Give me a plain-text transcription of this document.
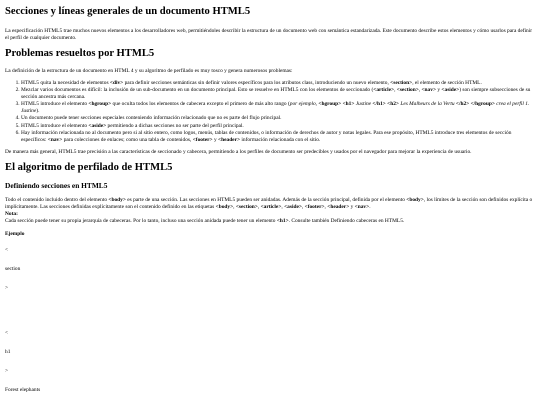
Secciones y líneas generales de un documento HTML5

La especificación HTML5 trae muchos nuevos elementos a los desarrolladores web, permitiéndoles describir la estructura de un documento web con semántica estandarizada. Este documento describe estos elementos y cómo usarlos para definir el perfil de cualquier documento.

Problemas resueltos por HTML5

La definición de la estructura de un documento en HTML 4 y su algoritmo de perfilado es muy tosco y genera numerosos problemas:

1. HTML5 quita la necesidad de elementos <div> para definir secciones semánticas sin definir valores específicos para los atributos class, introduciendo un nuevo elemento, <section>, el elemento de sección HTML.
2. Mezclar varios documentos es difícil: la inclusión de un sub-documento en un documento principal. Esto se resuelve en HTML5 con los elementos de seccionado (<article>, <section>, <nav> y <aside>) son siempre subsecciones de su sección ancestra más cercana.
3. HTML5 introduce el elemento <hgroup> que oculta todos los elementos de cabecera excepto el primero de más alto rango (por ejemplo, <hgroup> <h1> Justine </h1> <h2> Les Malheurs de la Vertu </h2> </hgroup> crea el perfil 1. Justine).
4. Un documento puede tener secciones especiales conteniendo información relacionado que no es parte del flujo principal.
5. HTML5 introduce el elemento <aside> permitiendo a dichas secciones no ser parte del perfil principal.
6. Hay información relacionada no al documento pero si al sitio entero, como logos, menús, tablas de contenidos, o información de derechos de autor y notas legales. Para ese propósito, HTML5 introduce tres elementos de sección específicos: <nav> para colecciones de enlaces; como una tabla de contenidos, <footer> y <header> información relacionada con el sitio.

De manera más general, HTML5 trae precisión a las características de seccionado y cabecera, permitiendo a los perfiles de documento ser predecibles y usados por el navegador para mejorar la experiencia de usuario.

El algoritmo de perfilado de HTML5
Definiendo secciones en HTML5

Todo el contenido incluido dentro del elemento <body> es parte de una sección. Las secciones en HTML5 pueden ser anidadas. Además de la sección principal, definida por el elemento <body>, los límites de la sección son definidos explícita o implícitamente. Las secciones definidas explícitamente son el contenido definido en las etiquetas <body>, <section>, <article>, <aside>, <footer>, <header> y <nav>.

Nota:

Cada sección puede tener su propia jerarquía de cabeceras. Por lo tanto, incluso una sección anidada puede tener un elemento <h1>. Consulte también Definiendo cabeceras en HTML5.

Ejemplo
<
section
>
<
h1
>
Forest elephants
